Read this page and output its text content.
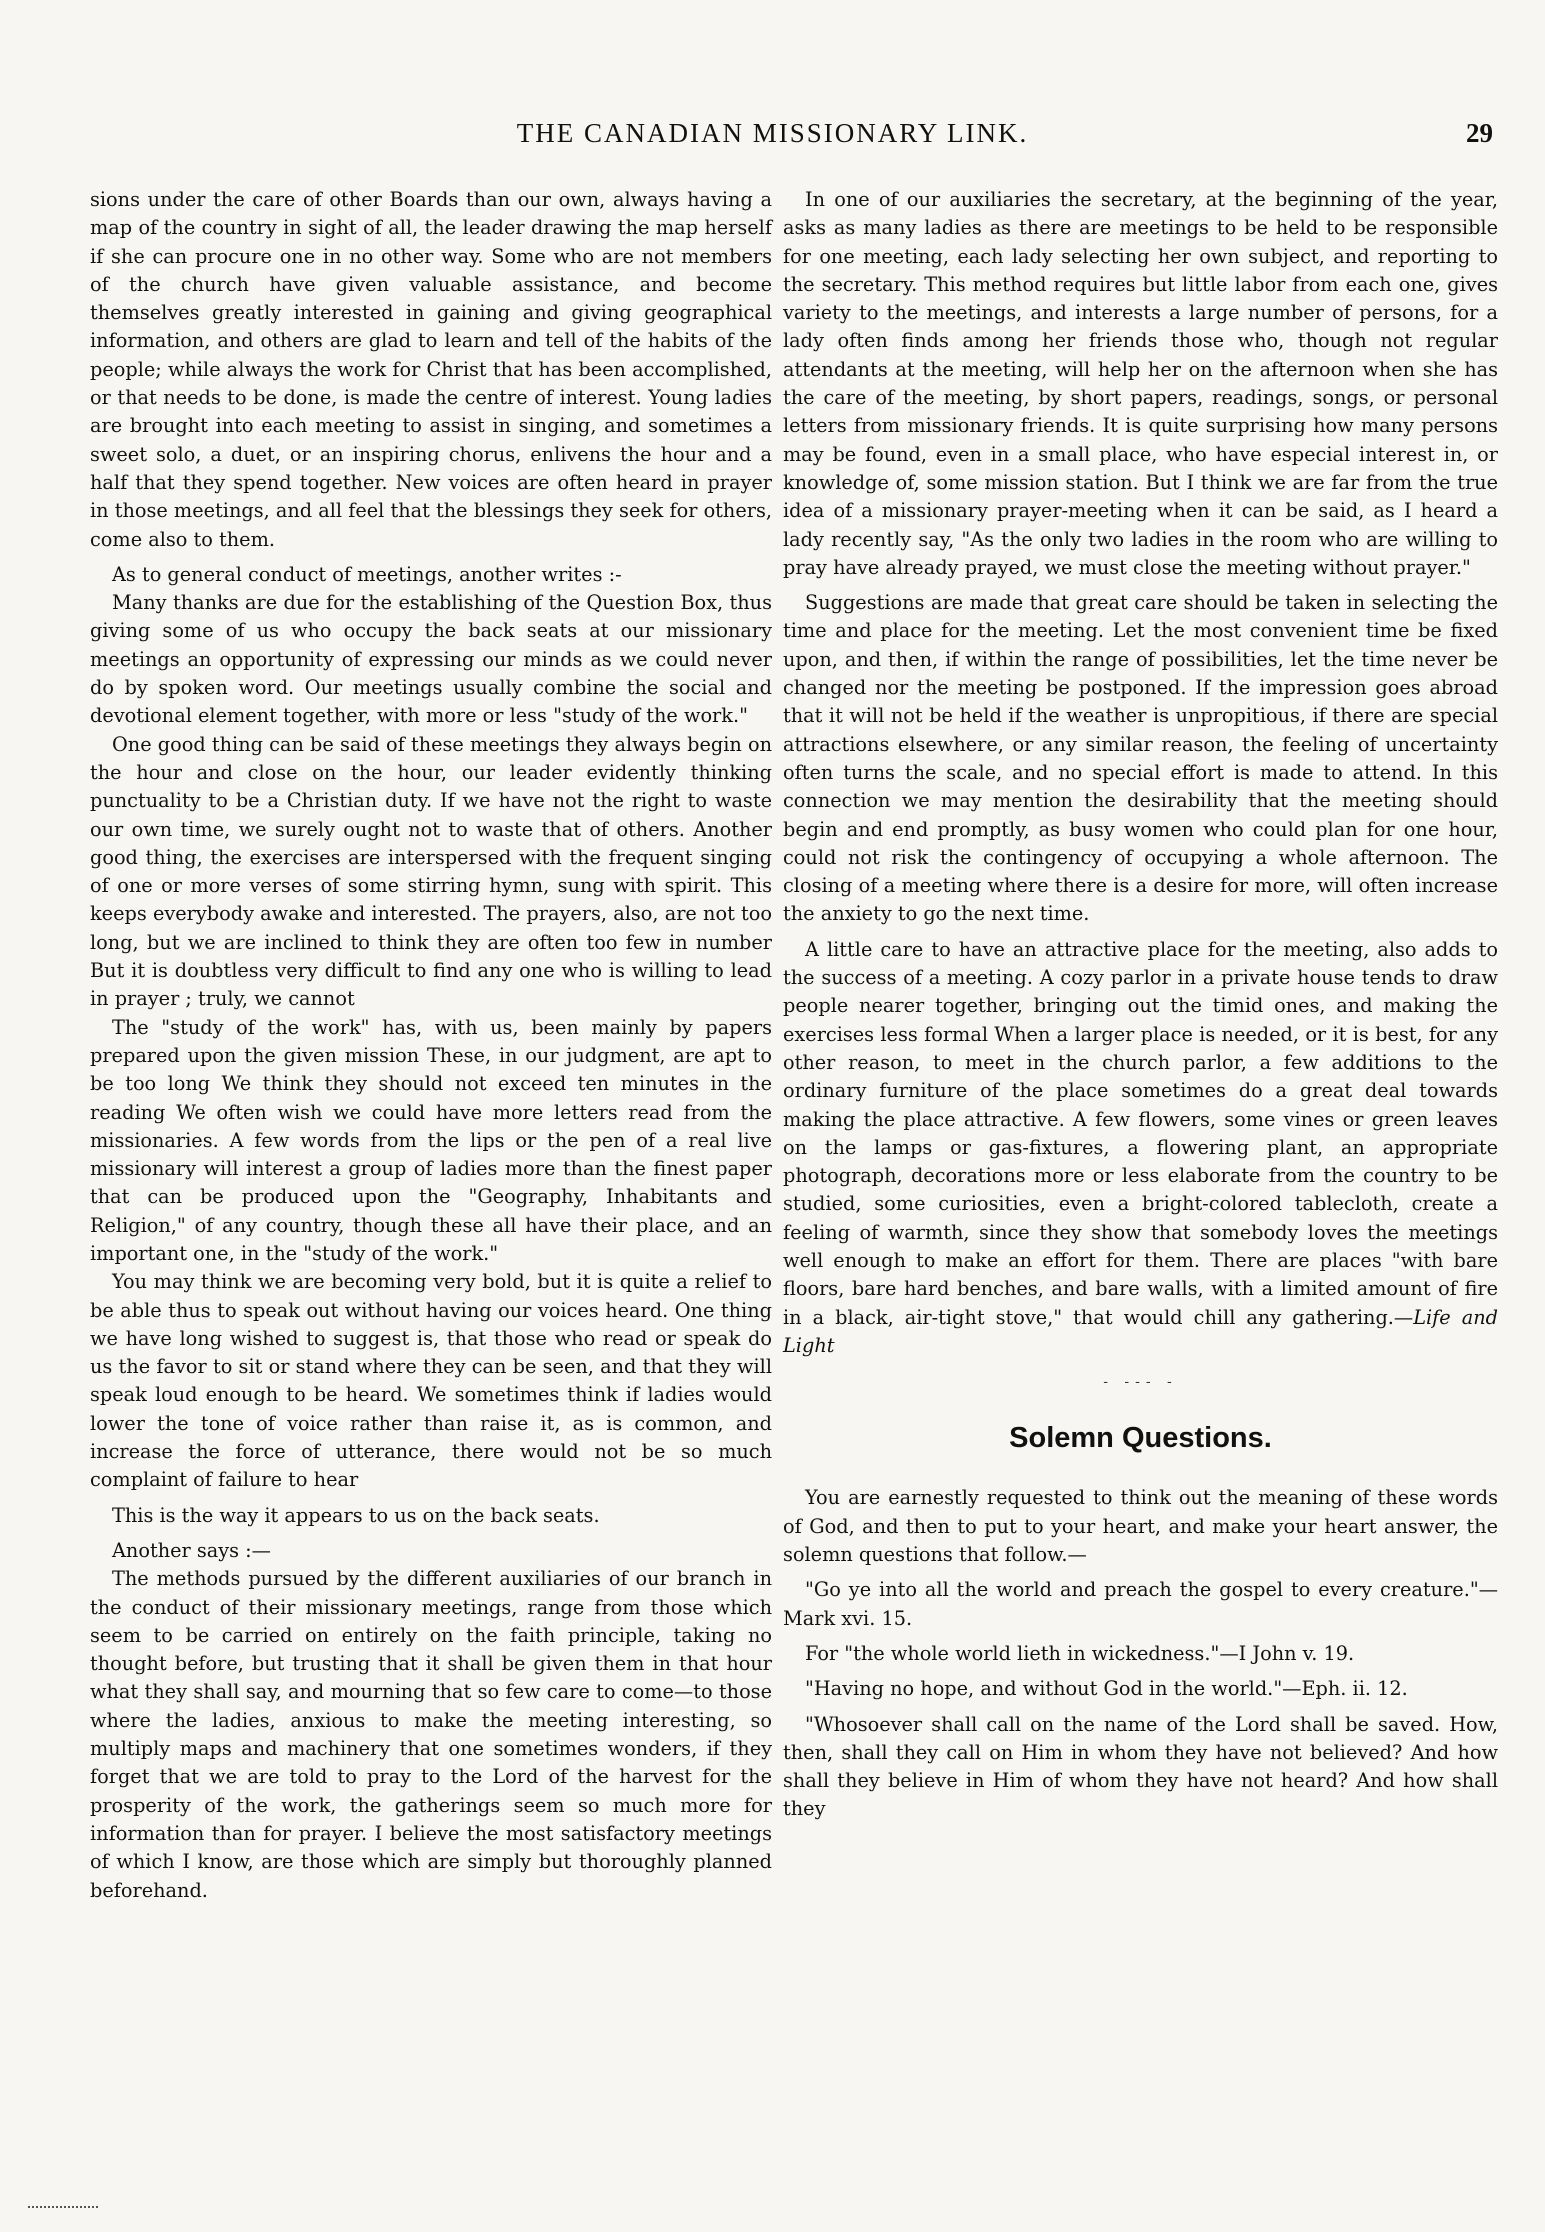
THE CANADIAN MISSIONARY LINK.	29

sions under the care of other Boards than our own, always having a map of the country in sight of all, the leader drawing the map herself if she can procure one in no other way. Some who are not members of the church have given valuable assistance, and become themselves greatly interested in gaining and giving geographical information, and others are glad to learn and tell of the habits of the people; while always the work for Christ that has been accomplished, or that needs to be done, is made the centre of interest. Young ladies are brought into each meeting to assist in singing, and sometimes a sweet solo, a duet, or an inspiring chorus, enlivens the hour and a half that they spend together. New voices are often heard in prayer in those meetings, and all feel that the blessings they seek for others, come also to them.

As to general conduct of meetings, another writes :-

Many thanks are due for the establishing of the Question Box, thus giving some of us who occupy the back seats at our missionary meetings an opportunity of expressing our minds as we could never do by spoken word. Our meetings usually combine the social and devotional element together, with more or less "study of the work."

One good thing can be said of these meetings they always begin on the hour and close on the hour, our leader evidently thinking punctuality to be a Christian duty. If we have not the right to waste our own time, we surely ought not to waste that of others. Another good thing, the exercises are interspersed with the frequent singing of one or more verses of some stirring hymn, sung with spirit. This keeps everybody awake and interested. The prayers, also, are not too long, but we are inclined to think they are often too few in number But it is doubtless very difficult to find any one who is willing to lead in prayer ; truly, we cannot

The "study of the work" has, with us, been mainly by papers prepared upon the given mission These, in our judgment, are apt to be too long We think they should not exceed ten minutes in the reading We often wish we could have more letters read from the missionaries. A few words from the lips or the pen of a real live missionary will interest a group of ladies more than the finest paper that can be produced upon the "Geography, Inhabitants and Religion," of any country, though these all have their place, and an important one, in the "study of the work."

You may think we are becoming very bold, but it is quite a relief to be able thus to speak out without having our voices heard. One thing we have long wished to suggest is, that those who read or speak do us the favor to sit or stand where they can be seen, and that they will speak loud enough to be heard. We sometimes think if ladies would lower the tone of voice rather than raise it, as is common, and increase the force of utterance, there would not be so much complaint of failure to hear

This is the way it appears to us on the back seats.

Another says :—

The methods pursued by the different auxiliaries of our branch in the conduct of their missionary meetings, range from those which seem to be carried on entirely on the faith principle, taking no thought before, but trusting that it shall be given them in that hour what they shall say, and mourning that so few care to come—to those where the ladies, anxious to make the meeting interesting, so multiply maps and machinery that one sometimes wonders, if they forget that we are told to pray to the Lord of the harvest for the prosperity of the work, the gatherings seem so much more for information than for prayer. I believe the most satisfactory meetings of which I know, are those which are simply but thoroughly planned beforehand.

In one of our auxiliaries the secretary, at the beginning of the year, asks as many ladies as there are meetings to be held to be responsible for one meeting, each lady selecting her own subject, and reporting to the secretary. This method requires but little labor from each one, gives variety to the meetings, and interests a large number of persons, for a lady often finds among her friends those who, though not regular attendants at the meeting, will help her on the afternoon when she has the care of the meeting, by short papers, readings, songs, or personal letters from missionary friends. It is quite surprising how many persons may be found, even in a small place, who have especial interest in, or knowledge of, some mission station. But I think we are far from the true idea of a missionary prayer-meeting when it can be said, as I heard a lady recently say, "As the only two ladies in the room who are willing to pray have already prayed, we must close the meeting without prayer."

Suggestions are made that great care should be taken in selecting the time and place for the meeting. Let the most convenient time be fixed upon, and then, if within the range of possibilities, let the time never be changed nor the meeting be postponed. If the impression goes abroad that it will not be held if the weather is unpropitious, if there are special attractions elsewhere, or any similar reason, the feeling of uncertainty often turns the scale, and no special effort is made to attend. In this connection we may mention the desirability that the meeting should begin and end promptly, as busy women who could plan for one hour, could not risk the contingency of occupying a whole afternoon. The closing of a meeting where there is a desire for more, will often increase the anxiety to go the next time.

A little care to have an attractive place for the meeting, also adds to the success of a meeting. A cozy parlor in a private house tends to draw people nearer together, bringing out the timid ones, and making the exercises less formal When a larger place is needed, or it is best, for any other reason, to meet in the church parlor, a few additions to the ordinary furniture of the place sometimes do a great deal towards making the place attractive. A few flowers, some vines or green leaves on the lamps or gas-fixtures, a flowering plant, an appropriate photograph, decorations more or less elaborate from the country to be studied, some curiosities, even a bright-colored tablecloth, create a feeling of warmth, since they show that somebody loves the meetings well enough to make an effort for them. There are places "with bare floors, bare hard benches, and bare walls, with a limited amount of fire in a black, air-tight stove," that would chill any gathering.—Life and Light

- --- -
Solemn Questions.

You are earnestly requested to think out the meaning of these words of God, and then to put to your heart, and make your heart answer, the solemn questions that follow.—

"Go ye into all the world and preach the gospel to every creature."—Mark xvi. 15.

For "the whole world lieth in wickedness."—I John v. 19.

"Having no hope, and without God in the world."—Eph. ii. 12.

"Whosoever shall call on the name of the Lord shall be saved. How, then, shall they call on Him in whom they have not believed? And how shall they believe in Him of whom they have not heard? And how shall they
